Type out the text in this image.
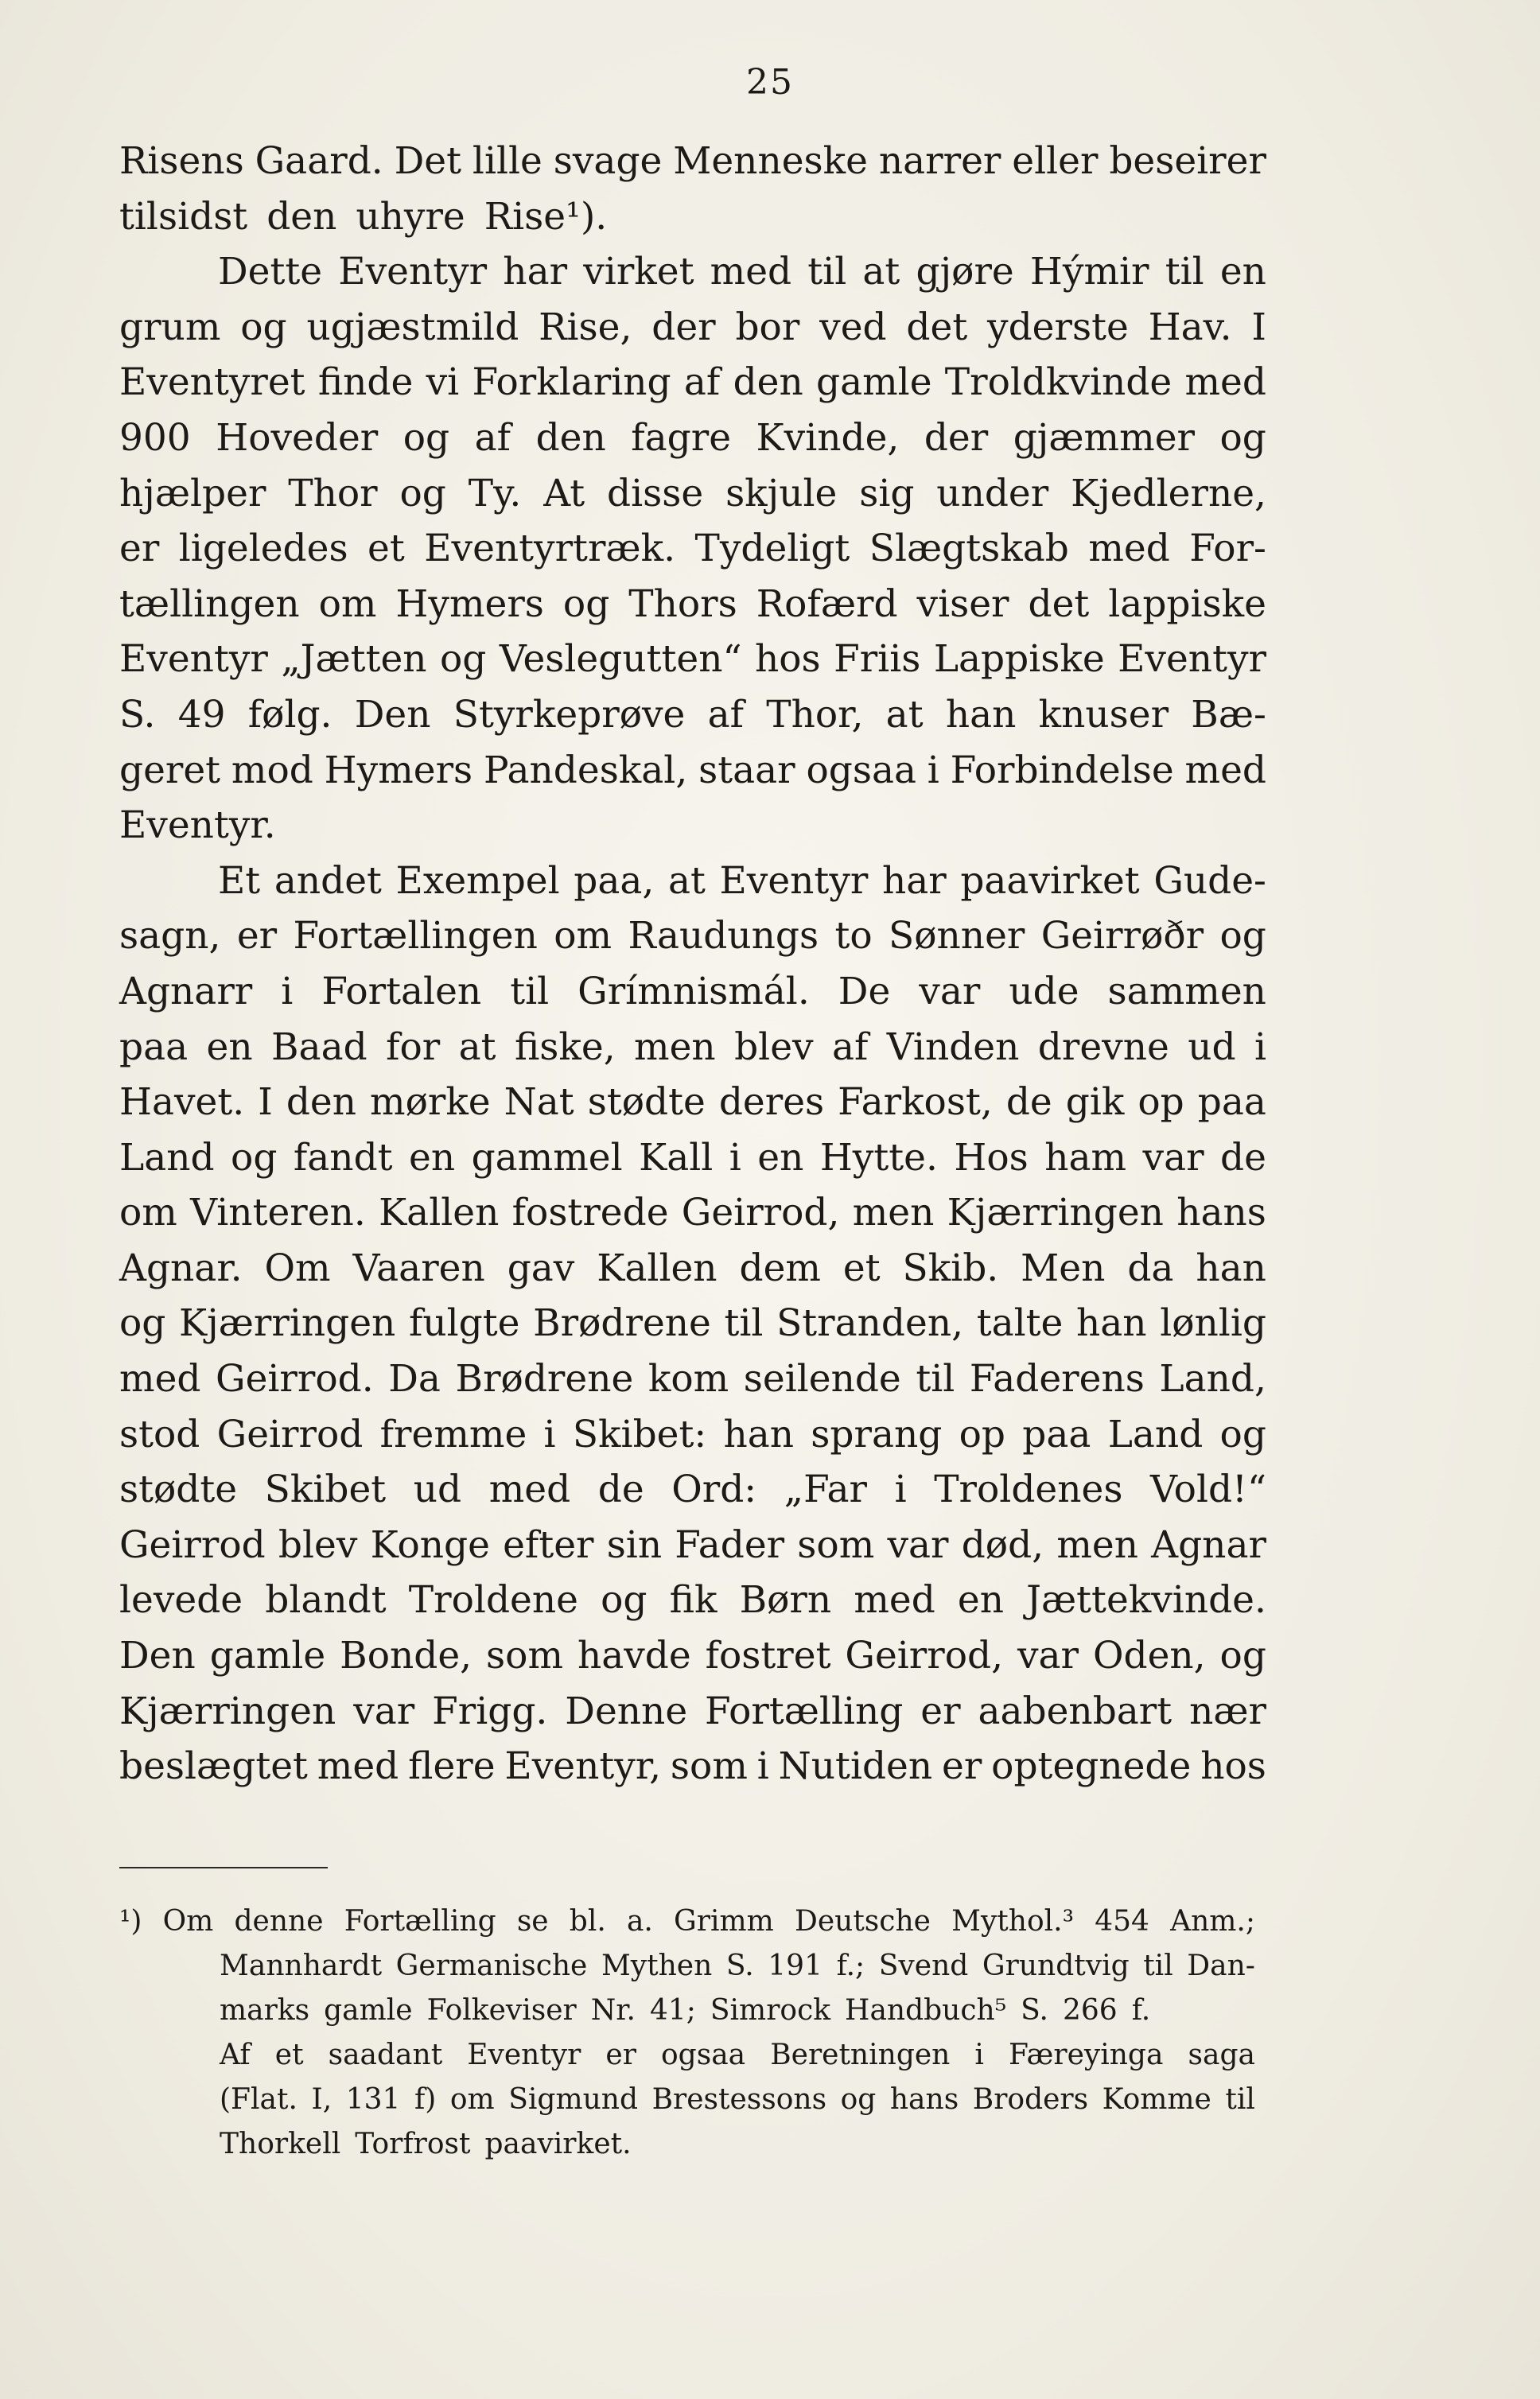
25
Risens Gaard. Det lille svage Menneske narrer eller beseirer
tilsidst den uhyre Rise¹).
Dette Eventyr har virket med til at gjøre Hýmir til en
grum og ugjæstmild Rise, der bor ved det yderste Hav. I
Eventyret finde vi Forklaring af den gamle Troldkvinde med
900 Hoveder og af den fagre Kvinde, der gjæmmer og
hjælper Thor og Ty. At disse skjule sig under Kjedlerne,
er ligeledes et Eventyrtræk. Tydeligt Slægtskab med For-
tællingen om Hymers og Thors Rofærd viser det lappiske
Eventyr „Jætten og Veslegutten“ hos Friis Lappiske Eventyr
S. 49 følg. Den Styrkeprøve af Thor, at han knuser Bæ-
geret mod Hymers Pandeskal, staar ogsaa i Forbindelse med
Eventyr.
Et andet Exempel paa, at Eventyr har paavirket Gude-
sagn, er Fortællingen om Raudungs to Sønner Geirrøðr og
Agnarr i Fortalen til Grímnismál. De var ude sammen
paa en Baad for at fiske, men blev af Vinden drevne ud i
Havet. I den mørke Nat stødte deres Farkost, de gik op paa
Land og fandt en gammel Kall i en Hytte. Hos ham var de
om Vinteren. Kallen fostrede Geirrod, men Kjærringen hans
Agnar. Om Vaaren gav Kallen dem et Skib. Men da han
og Kjærringen fulgte Brødrene til Stranden, talte han lønlig
med Geirrod. Da Brødrene kom seilende til Faderens Land,
stod Geirrod fremme i Skibet: han sprang op paa Land og
stødte Skibet ud med de Ord: „Far i Troldenes Vold!“
Geirrod blev Konge efter sin Fader som var død, men Agnar
levede blandt Troldene og fik Børn med en Jættekvinde.
Den gamle Bonde, som havde fostret Geirrod, var Oden, og
Kjærringen var Frigg. Denne Fortælling er aabenbart nær
beslægtet med flere Eventyr, som i Nutiden er optegnede hos
¹) Om denne Fortælling se bl. a. Grimm Deutsche Mythol.³ 454 Anm.;
Mannhardt Germanische Mythen S. 191 f.; Svend Grundtvig til Dan-
marks gamle Folkeviser Nr. 41; Simrock Handbuch⁵ S. 266 f.
Af et saadant Eventyr er ogsaa Beretningen i Færeyinga saga
(Flat. I, 131 f) om Sigmund Brestessons og hans Broders Komme til
Thorkell Torfrost paavirket.
